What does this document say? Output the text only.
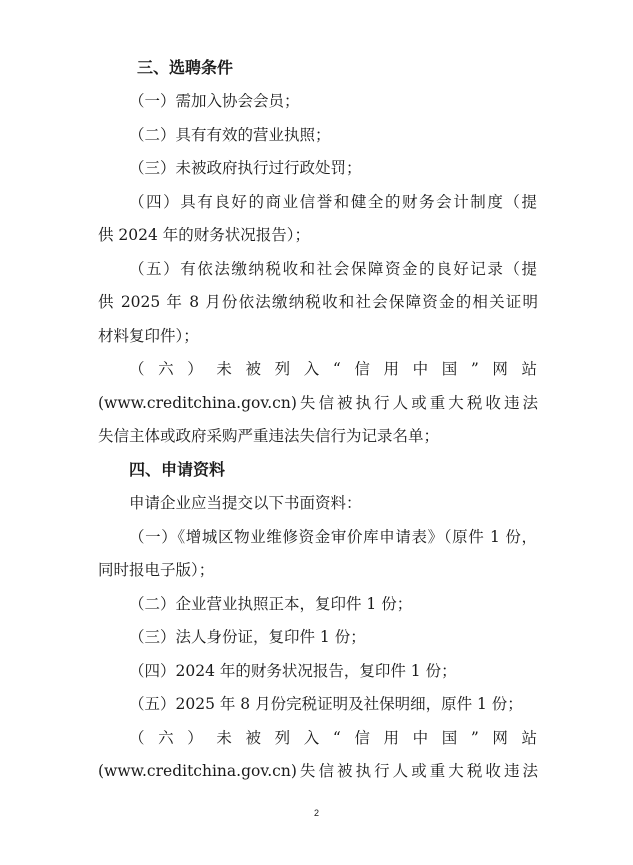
三、选聘条件
（一）需加入协会会员；
（二）具有有效的营业执照；
（三）未被政府执行过行政处罚；
（四）具有良好的商业信誉和健全的财务会计制度（提
供 2024 年的财务状况报告）；
（五）有依法缴纳税收和社会保障资金的良好记录（提
供 2025 年 8 月份依法缴纳税收和社会保障资金的相关证明
材料复印件）；
（六）未被列入“信用中国”网站
(www.creditchina.gov.cn)失信被执行人或重大税收违法
失信主体或政府采购严重违法失信行为记录名单；
四、申请资料
申请企业应当提交以下书面资料：
（一）《增城区物业维修资金审价库申请表》（原件 1 份，
同时报电子版）；
（二）企业营业执照正本，复印件 1 份；
（三）法人身份证，复印件 1 份；
（四）2024 年的财务状况报告，复印件 1 份；
（五）2025 年 8 月份完税证明及社保明细，原件 1 份；
（六）未被列入“信用中国”网站
(www.creditchina.gov.cn)失信被执行人或重大税收违法
2
